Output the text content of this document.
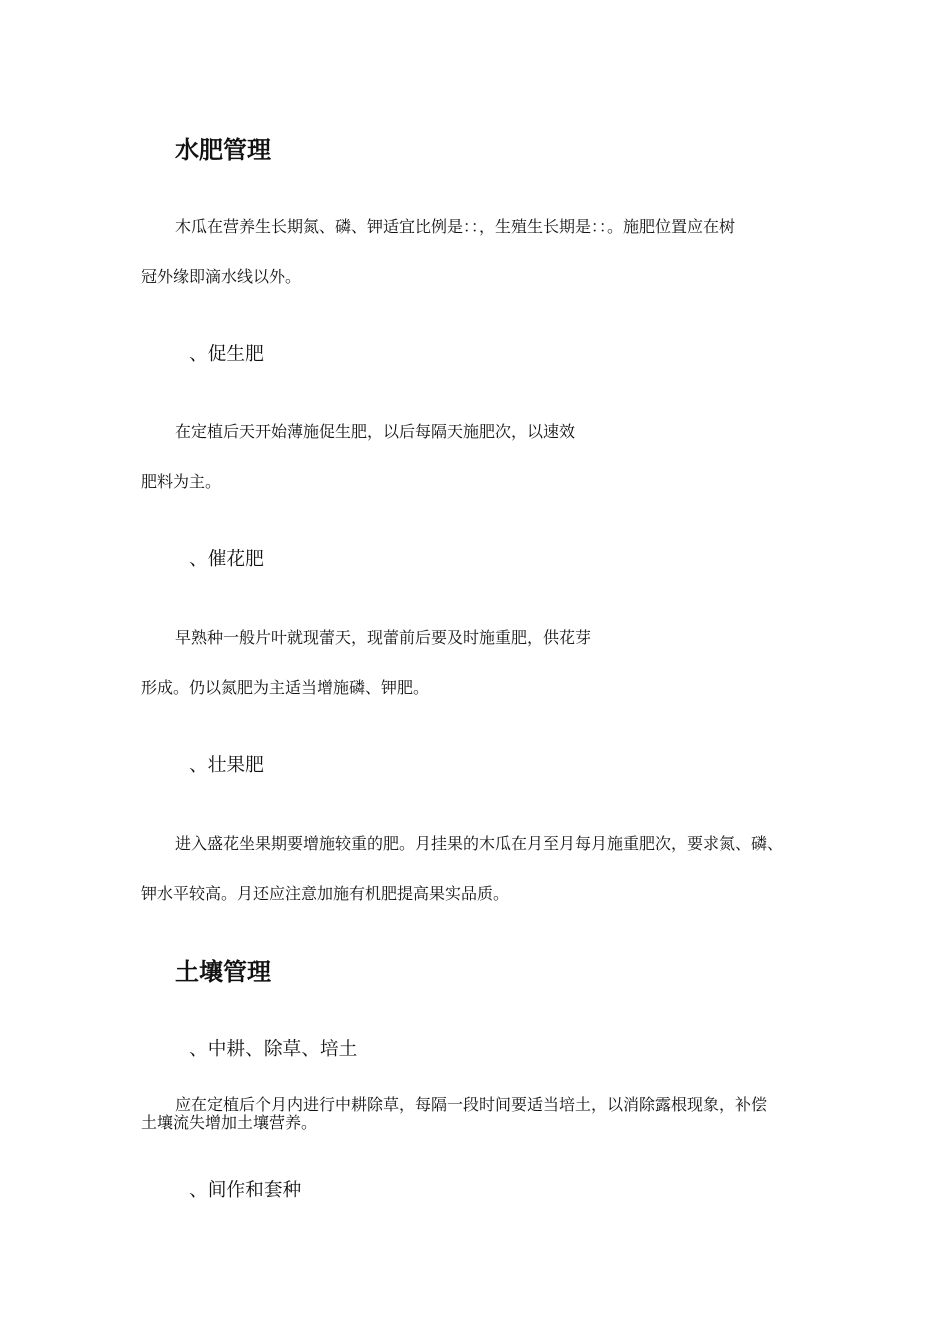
水肥管理

木瓜在营养生长期氮、磷、钾适宜比例是：：，生殖生长期是：：。施肥位置应在树

冠外缘即滴水线以外。

、促生肥

在定植后天开始薄施促生肥，以后每隔天施肥次，以速效

肥料为主。

、催花肥

早熟种一般片叶就现蕾天，现蕾前后要及时施重肥，供花芽

形成。仍以氮肥为主适当增施磷、钾肥。

、壮果肥

进入盛花坐果期要增施较重的肥。月挂果的木瓜在月至月每月施重肥次，要求氮、磷、

钾水平较高。月还应注意加施有机肥提高果实品质。

土壤管理
、中耕、除草、培土

应在定植后个月内进行中耕除草，每隔一段时间要适当培土，以消除露根现象，补偿

土壤流失增加土壤营养。

、间作和套种
